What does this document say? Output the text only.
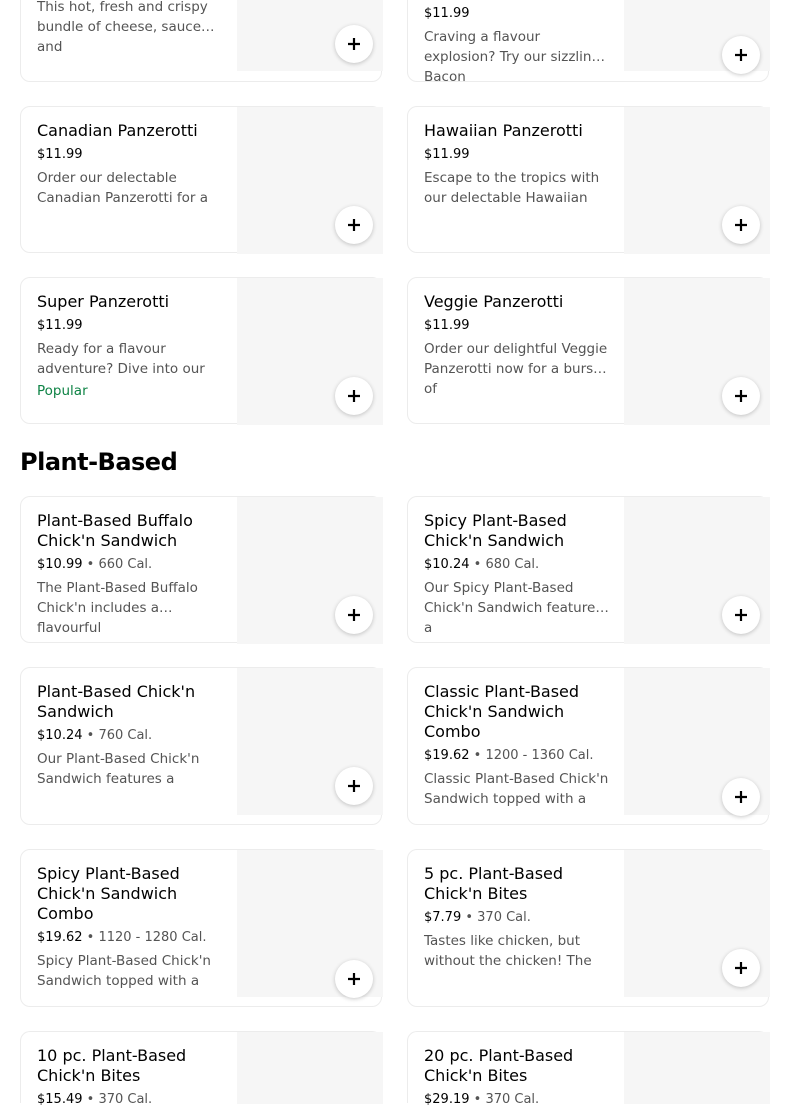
This hot, fresh and crispy bundle of cheese, sauce and
$11.99
Craving a flavour explosion? Try our sizzling Bacon
Canadian Panzerotti
$11.99
Order our delectable Canadian Panzerotti for a
Hawaiian Panzerotti
$11.99
Escape to the tropics with our delectable Hawaiian
Super Panzerotti
$11.99
Ready for a flavour adventure? Dive into our
Popular
Veggie Panzerotti
$11.99
Order our delightful Veggie Panzerotti now for a burst of
Plant-Based
Plant-Based Buffalo Chick'n Sandwich
$10.99 • 660 Cal.
The Plant-Based Buffalo Chick'n includes a flavourful
Spicy Plant-Based Chick'n Sandwich
$10.24 • 680 Cal.
Our Spicy Plant-Based Chick'n Sandwich features a
Plant-Based Chick'n Sandwich
$10.24 • 760 Cal.
Our Plant-Based Chick'n Sandwich features a
Classic Plant-Based Chick'n Sandwich Combo
$19.62 • 1200 - 1360 Cal.
Classic Plant-Based Chick'n Sandwich topped with a
Spicy Plant-Based Chick'n Sandwich Combo
$19.62 • 1120 - 1280 Cal.
Spicy Plant-Based Chick'n Sandwich topped with a
5 pc. Plant-Based Chick'n Bites
$7.79 • 370 Cal.
Tastes like chicken, but without the chicken! The
10 pc. Plant-Based Chick'n Bites
$15.49 • 370 Cal.
20 pc. Plant-Based Chick'n Bites
$29.19 • 370 Cal.
